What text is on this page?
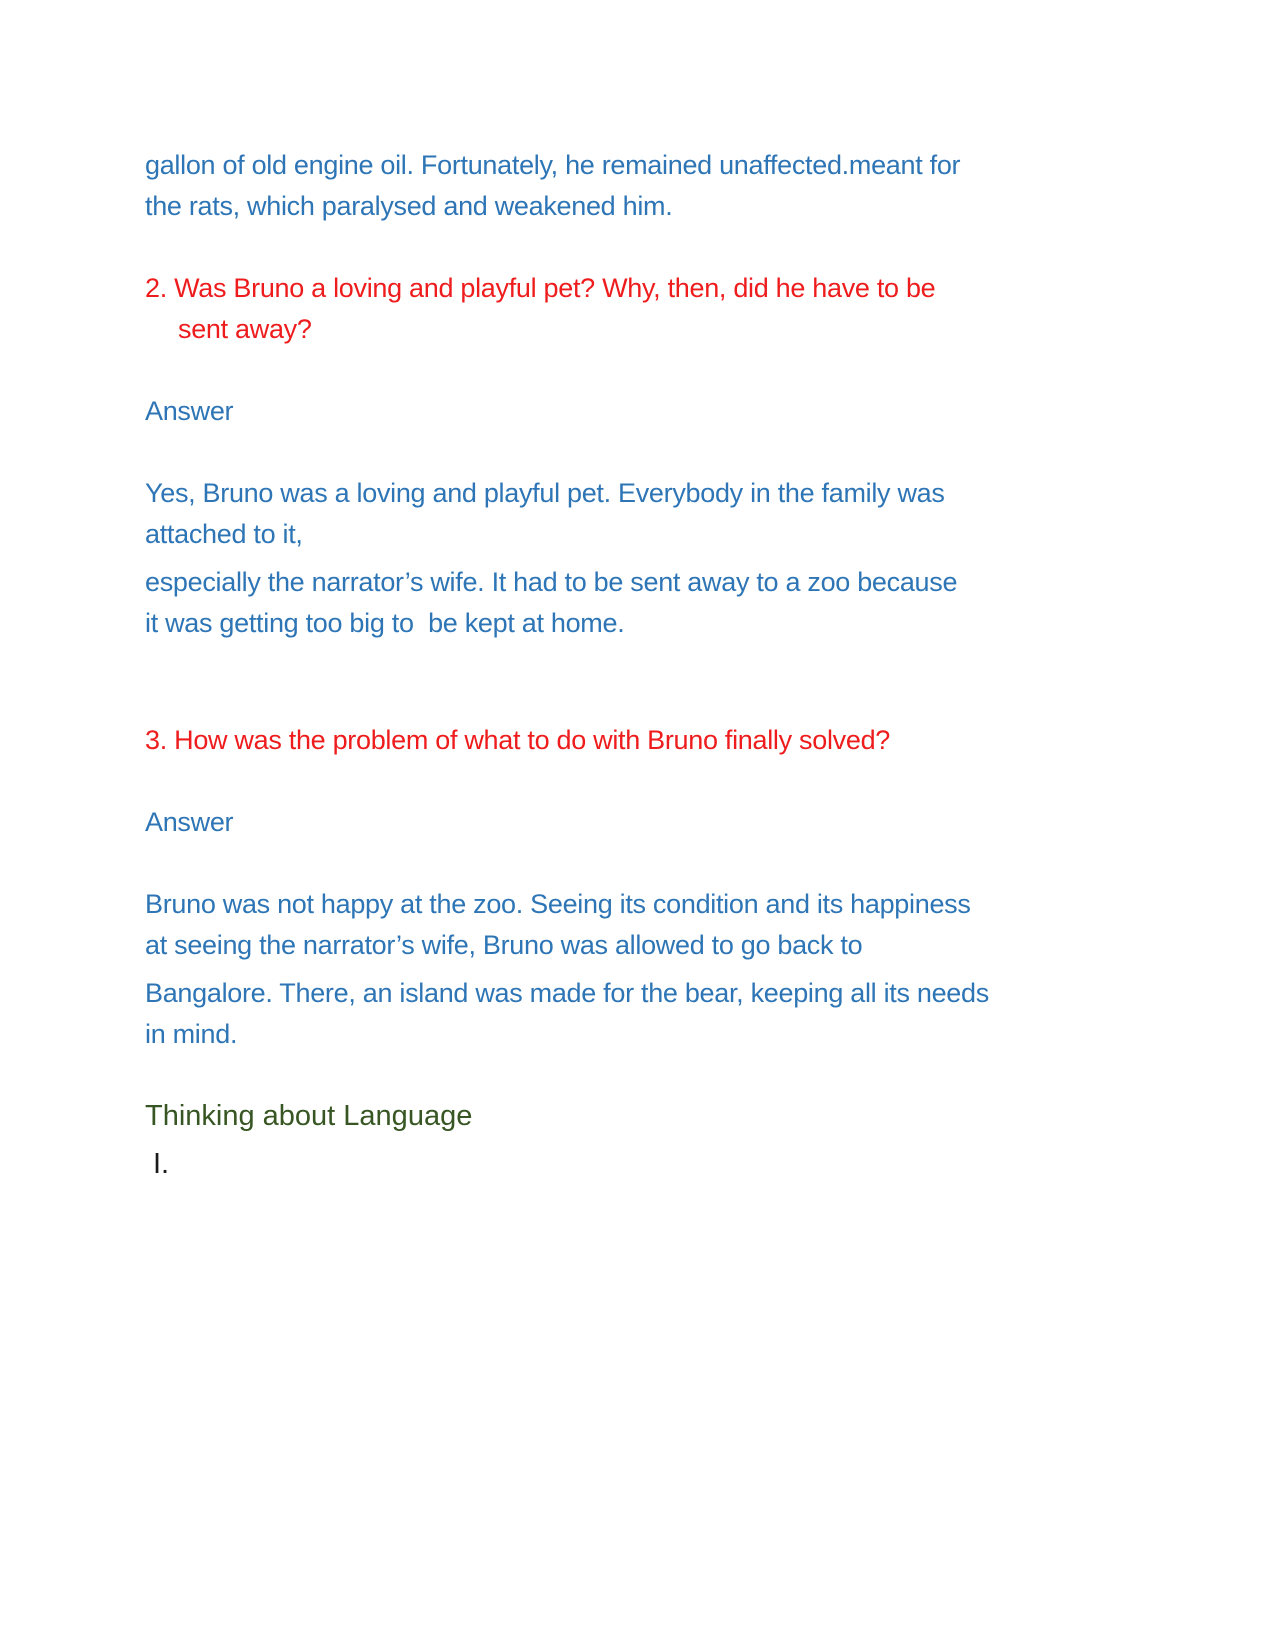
gallon of old engine oil. Fortunately, he remained unaffected.meant for
the rats, which paralysed and weakened him.
2. Was Bruno a loving and playful pet? Why, then, did he have to be
sent away?
Answer
Yes, Bruno was a loving and playful pet. Everybody in the family was
attached to it,
especially the narrator’s wife. It had to be sent away to a zoo because
it was getting too big to  be kept at home.
3. How was the problem of what to do with Bruno finally solved?
Answer
Bruno was not happy at the zoo. Seeing its condition and its happiness
at seeing the narrator’s wife, Bruno was allowed to go back to
Bangalore. There, an island was made for the bear, keeping all its needs
in mind.
Thinking about Language
I.
